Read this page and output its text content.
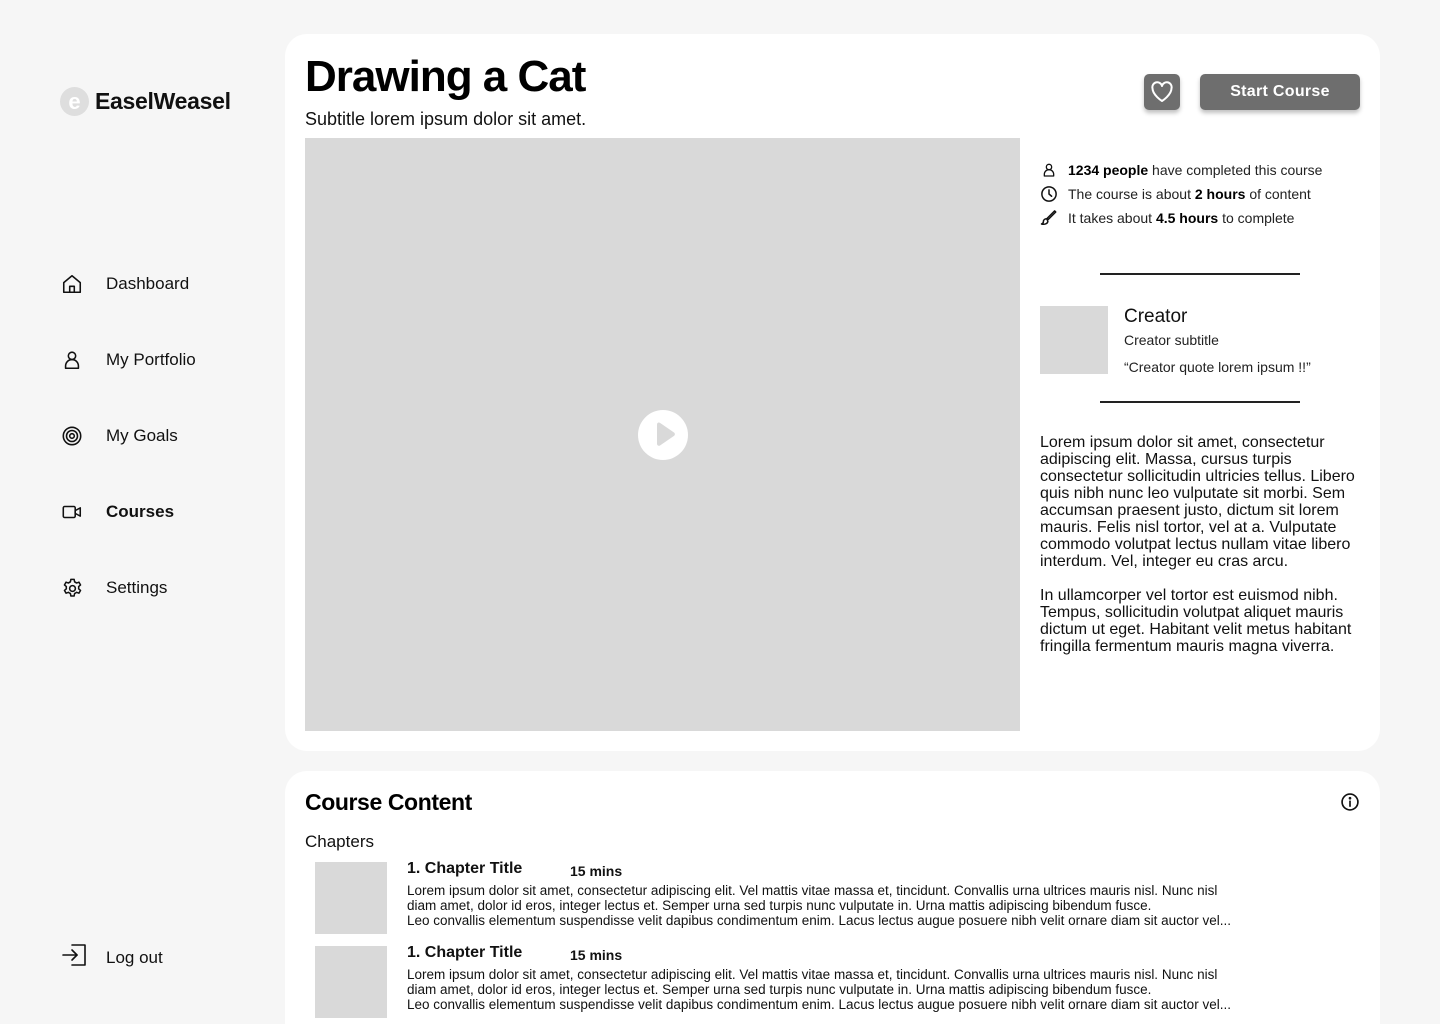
e EaselWeasel
Dashboard
My Portfolio
My Goals
Courses
Settings
Log out
Drawing a Cat
Subtitle lorem ipsum dolor sit amet.
Start Course
1234 people have completed this course
The course is about 2 hours of content
It takes about 4.5 hours to complete
Creator
Creator subtitle
“Creator quote lorem ipsum !!”

Lorem ipsum dolor sit amet, consectetur adipiscing elit. Massa, cursus turpis consectetur sollicitudin ultricies tellus. Libero quis nibh nunc leo vulputate sit morbi. Sem accumsan praesent justo, dictum sit lorem mauris. Felis nisl tortor, vel at a. Vulputate commodo volutpat lectus nullam vitae libero interdum. Vel, integer eu cras arcu.

In ullamcorper vel tortor est euismod nibh. Tempus, sollicitudin volutpat aliquet mauris dictum ut eget. Habitant velit metus habitant fringilla fermentum mauris magna viverra.

Course Content
Chapters
1. Chapter Title	15 mins
Lorem ipsum dolor sit amet, consectetur adipiscing elit. Vel mattis vitae massa et, tincidunt. Convallis urna ultrices mauris nisl. Nunc nisl
diam amet, dolor id eros, integer lectus et. Semper urna sed turpis nunc vulputate in. Urna mattis adipiscing bibendum fusce.
Leo convallis elementum suspendisse velit dapibus condimentum enim. Lacus lectus augue posuere nibh velit ornare diam sit auctor vel...
1. Chapter Title	15 mins
Lorem ipsum dolor sit amet, consectetur adipiscing elit. Vel mattis vitae massa et, tincidunt. Convallis urna ultrices mauris nisl. Nunc nisl
diam amet, dolor id eros, integer lectus et. Semper urna sed turpis nunc vulputate in. Urna mattis adipiscing bibendum fusce.
Leo convallis elementum suspendisse velit dapibus condimentum enim. Lacus lectus augue posuere nibh velit ornare diam sit auctor vel...
